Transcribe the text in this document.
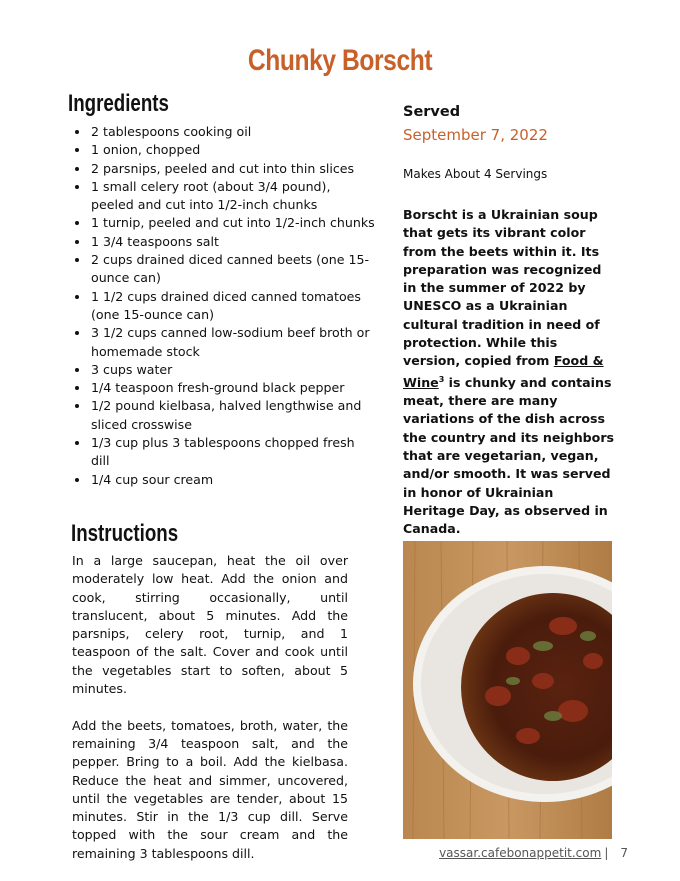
Chunky Borscht
Ingredients
• 2 tablespoons cooking oil
• 1 onion, chopped
• 2 parsnips, peeled and cut into thin slices
• 1 small celery root (about 3/4 pound), peeled and cut into 1/2-inch chunks
• 1 turnip, peeled and cut into 1/2-inch chunks
• 1 3/4 teaspoons salt
• 2 cups drained diced canned beets (one 15-ounce can)
• 1 1/2 cups drained diced canned tomatoes (one 15-ounce can)
• 3 1/2 cups canned low-sodium beef broth or homemade stock
• 3 cups water
• 1/4 teaspoon fresh-ground black pepper
• 1/2 pound kielbasa, halved lengthwise and sliced crosswise
• 1/3 cup plus 3 tablespoons chopped fresh dill
• 1/4 cup sour cream
Instructions

In a large saucepan, heat the oil over moderately low heat. Add the onion and cook, stirring occasionally, until translucent, about 5 minutes. Add the parsnips, celery root, turnip, and 1 teaspoon of the salt. Cover and cook until the vegetables start to soften, about 5 minutes.

Add the beets, tomatoes, broth, water, the remaining 3/4 teaspoon salt, and the pepper. Bring to a boil. Add the kielbasa. Reduce the heat and simmer, uncovered, until the vegetables are tender, about 15 minutes. Stir in the 1/3 cup dill. Serve topped with the sour cream and the remaining 3 tablespoons dill.

Served
September 7, 2022
Makes About 4 Servings
Borscht is a Ukrainian soup that gets its vibrant color from the beets within it. Its preparation was recognized in the summer of 2022 by UNESCO as a Ukrainian cultural tradition in need of protection. While this version, copied from Food & Wine$^3$ is chunky and contains meat, there are many variations of the dish across the country and its neighbors that are vegetarian, vegan, and/or smooth. It was served in honor of Ukrainian Heritage Day, as observed in Canada.
vassar.cafebonappetit.com | 7
